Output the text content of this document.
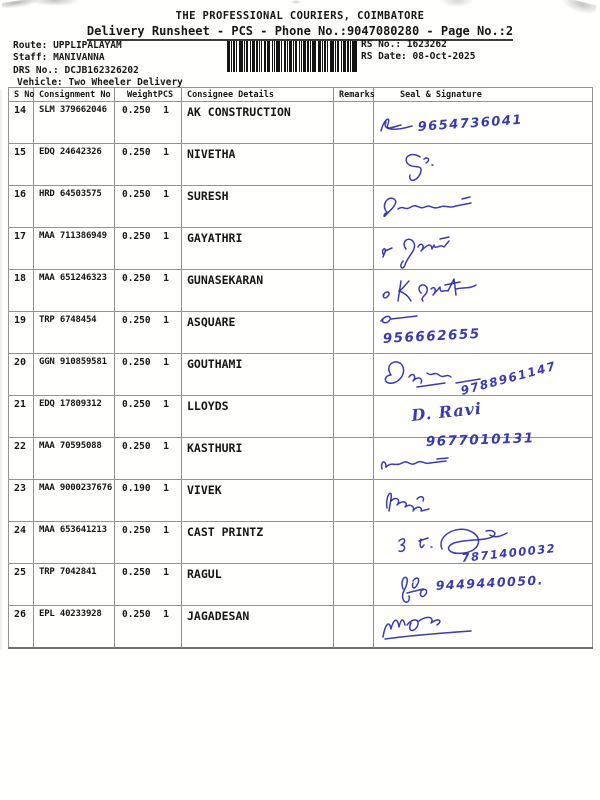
THE PROFESSIONAL COURIERS, COIMBATORE
Delivery Runsheet - PCS - Phone No.:9047080280 - Page No.:2
Route: UPPLIPALAYAM
Staff: MANIVANNA
DRS No.: DCJB162326202
Vehicle: Two Wheeler Delivery
RS No.: 1623262
RS Date: 08-Oct-2025
S No	Consignment No	Weight PCS	Consignee Details	Remarks	Seal & Signature
14	SLM 379662046	0.250 1	AK CONSTRUCTION		9654736041

15	EDQ 24642326	0.250 1	NIVETHA		

16	HRD 64503575	0.250 1	SURESH		

17	MAA 711386949	0.250 1	GAYATHRI		

18	MAA 651246323	0.250 1	GUNASEKARAN		

19	TRP 6748454	0.250 1	ASQUARE		956662655

20	GGN 910859581	0.250 1	GOUTHAMI		9788961147

21	EDQ 17809312	0.250 1	LLOYDS		D. Ravi

22	MAA 70595088	0.250 1	KASTHURI		9677010131

23	MAA 9000237676	0.190 1	VIVEK		

24	MAA 653641213	0.250 1	CAST PRINTZ		7871400032

25	TRP 7042841	0.250 1	RAGUL		9449440050.

26	EPL 40233928	0.250 1	JAGADESAN		
